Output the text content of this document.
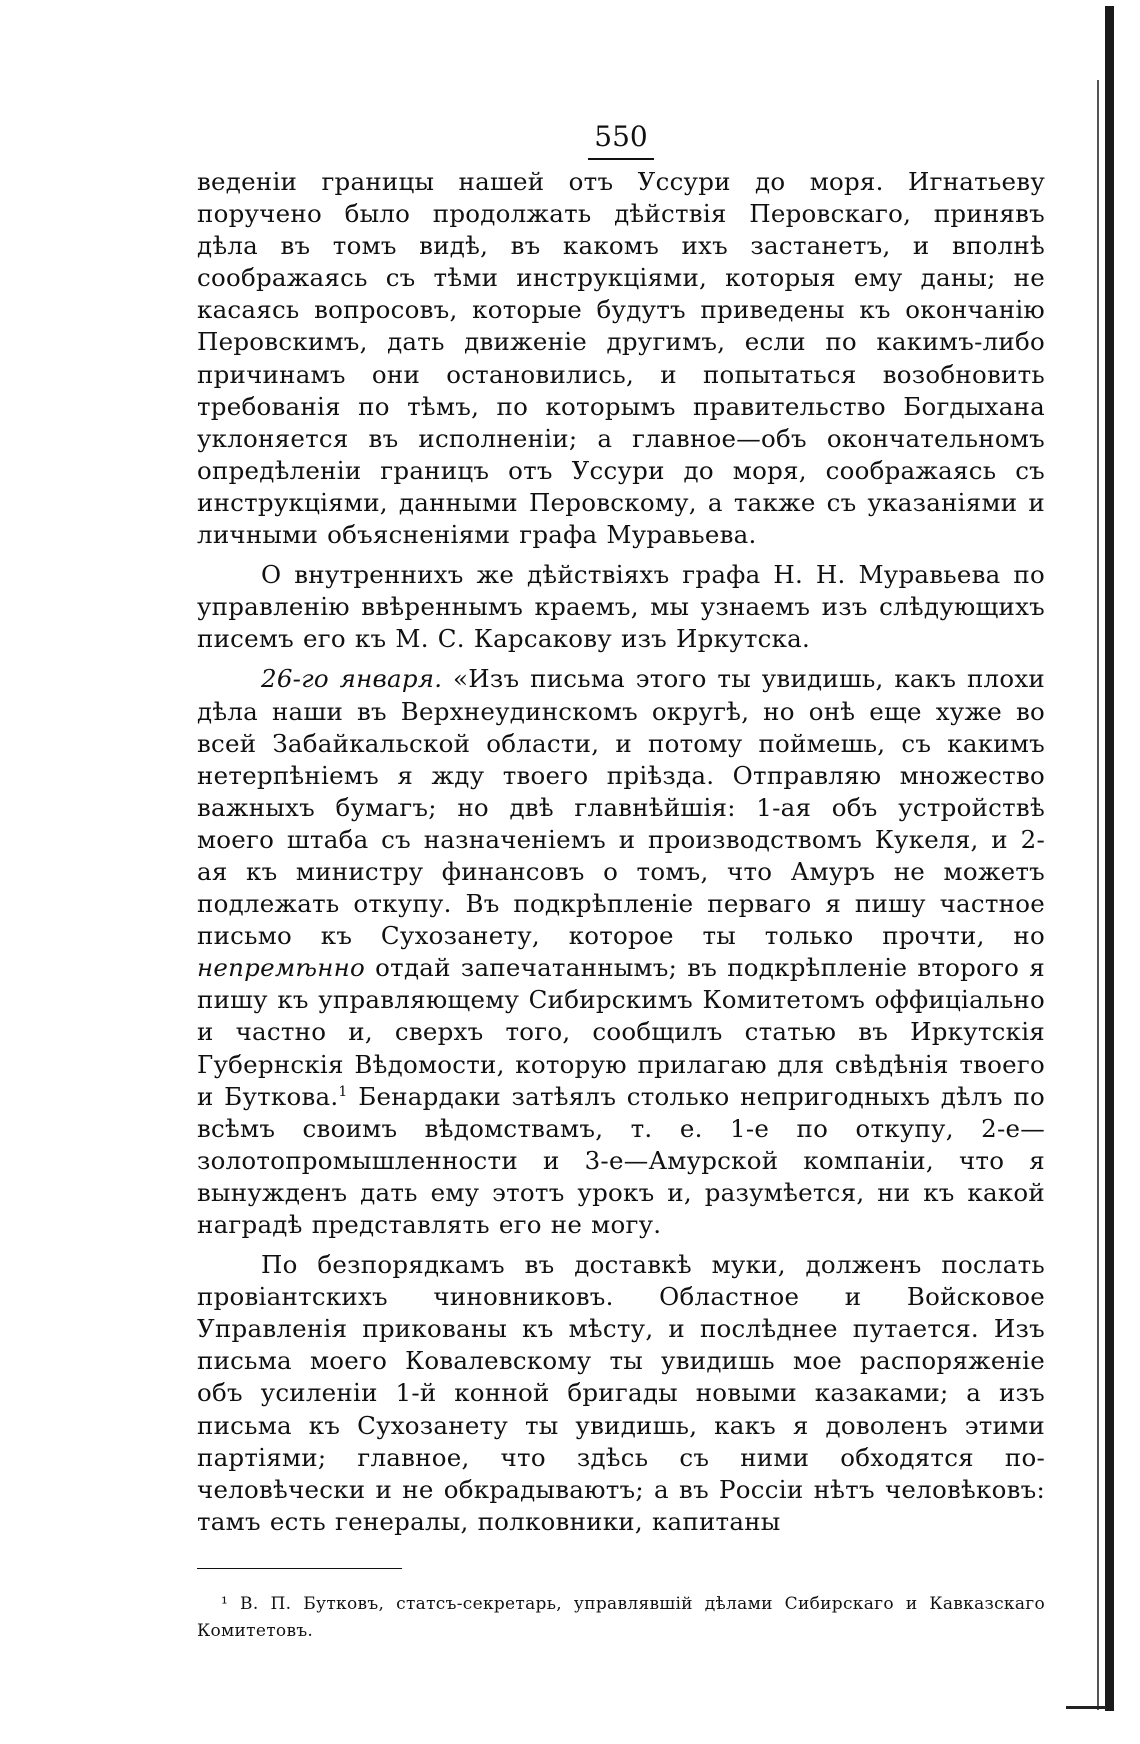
550

веденіи границы нашей отъ Уссури до моря. Игнатьеву поручено было продолжать дѣйствія Перовскаго, принявъ дѣла въ томъ видѣ, въ какомъ ихъ застанетъ, и вполнѣ соображаясь съ тѣми инструкціями, которыя ему даны; не касаясь вопросовъ, которые будутъ приведены къ окончанію Перовскимъ, дать движеніе другимъ, если по какимъ-либо причинамъ они остановились, и попытаться возобновить требованія по тѣмъ, по которымъ правительство Богдыхана уклоняется въ исполненіи; а главное—объ окончательномъ опредѣленіи границъ отъ Уссури до моря, соображаясь съ инструкціями, данными Перовскому, а также съ указаніями и личными объясненіями графа Муравьева.

О внутреннихъ же дѣйствіяхъ графа Н. Н. Муравьева по управленію ввѣреннымъ краемъ, мы узнаемъ изъ слѣдующихъ писемъ его къ М. С. Карсакову изъ Иркутска.

26-го января. «Изъ письма этого ты увидишь, какъ плохи дѣла наши въ Верхнеудинскомъ округѣ, но онѣ еще хуже во всей Забайкальской области, и потому поймешь, съ какимъ нетерпѣніемъ я жду твоего пріѣзда. Отправляю множество важныхъ бумагъ; но двѣ главнѣйшія: 1-ая объ устройствѣ моего штаба съ назначеніемъ и производствомъ Кукеля, и 2-ая къ министру финансовъ о томъ, что Амуръ не можетъ подлежать откупу. Въ подкрѣпленіе перваго я пишу частное письмо къ Сухозанету, которое ты только прочти, но непремѣнно отдай запечатаннымъ; въ подкрѣпленіе второго я пишу къ управляющему Сибирскимъ Комитетомъ оффиціально и частно и, сверхъ того, сообщилъ статью въ Иркутскія Губернскія Вѣдомости, которую прилагаю для свѣдѣнія твоего и Буткова.$^1$ Бенардаки затѣялъ столько непригодныхъ дѣлъ по всѣмъ своимъ вѣдомствамъ, т. е. 1-е по откупу, 2-е—золотопромышленности и 3-е—Амурской компаніи, что я вынужденъ дать ему этотъ урокъ и, разумѣется, ни къ какой наградѣ представлять его не могу.

По безпорядкамъ въ доставкѣ муки, долженъ послать провіантскихъ чиновниковъ. Областное и Войсковое Управленія прикованы къ мѣсту, и послѣднее путается. Изъ письма моего Ковалевскому ты увидишь мое распоряженіе объ усиленіи 1-й конной бригады новыми казаками; а изъ письма къ Сухозанету ты увидишь, какъ я доволенъ этими партіями; главное, что здѣсь съ ними обходятся по-человѣчески и не обкрадываютъ; а въ Россіи нѣтъ человѣковъ: тамъ есть генералы, полковники, капитаны

¹ В. П. Бутковъ, статсъ-секретарь, управлявшій дѣлами Сибирскаго и Кавказскаго Комитетовъ.
